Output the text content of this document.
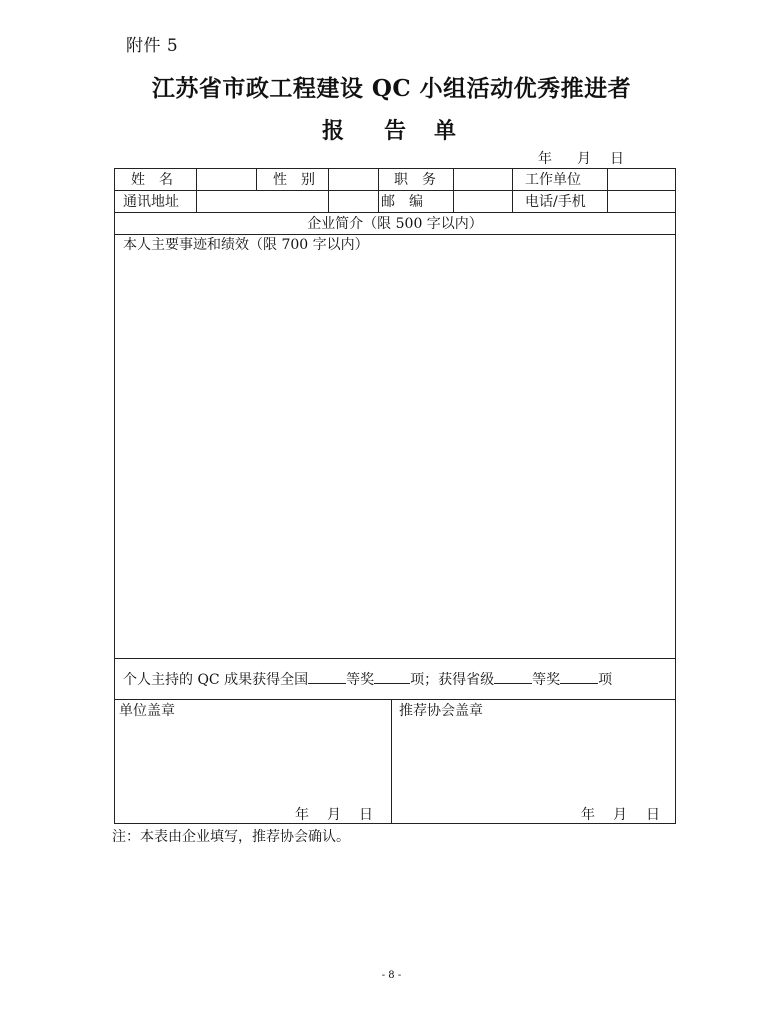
附件 5
江苏省市政工程建设 QC 小组活动优秀推进者
报 告 单
年 月 日
姓　名	性　别	职　务	工作单位
通讯地址	邮　编	电话/手机
企业简介（限 500 字以内）
本人主要事迹和绩效（限 700 字以内）
个人主持的 QC 成果获得全国	等奖	项；获得省级	等奖	项
单位盖章
年 月 日
推荐协会盖章
年 月 日
注：本表由企业填写，推荐协会确认。
- 8 -
